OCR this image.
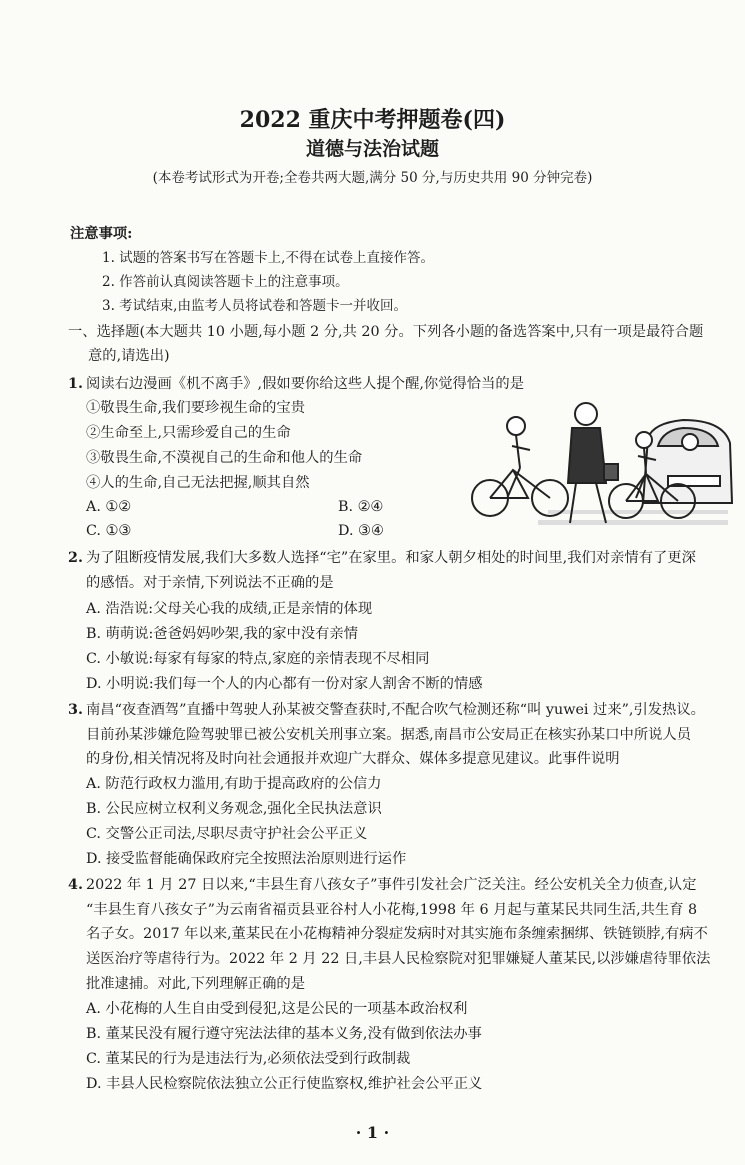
2022 重庆中考押题卷(四)
道德与法治试题
(本卷考试形式为开卷;全卷共两大题,满分 50 分,与历史共用 90 分钟完卷)
注意事项:
1. 试题的答案书写在答题卡上,不得在试卷上直接作答。
2. 作答前认真阅读答题卡上的注意事项。
3. 考试结束,由监考人员将试卷和答题卡一并收回。
一、选择题(本大题共 10 小题,每小题 2 分,共 20 分。下列各小题的备选答案中,只有一项是最符合题
意的,请选出)
1. 阅读右边漫画《机不离手》,假如要你给这些人提个醒,你觉得恰当的是
①敬畏生命,我们要珍视生命的宝贵
②生命至上,只需珍爱自己的生命
③敬畏生命,不漠视自己的生命和他人的生命
④人的生命,自己无法把握,顺其自然
A. ①②	B. ②④
C. ①③	D. ③④
2. 为了阻断疫情发展,我们大多数人选择“宅”在家里。和家人朝夕相处的时间里,我们对亲情有了更深
的感悟。对于亲情,下列说法不正确的是
A. 浩浩说:父母关心我的成绩,正是亲情的体现
B. 萌萌说:爸爸妈妈吵架,我的家中没有亲情
C. 小敏说:每家有每家的特点,家庭的亲情表现不尽相同
D. 小明说:我们每一个人的内心都有一份对家人割舍不断的情感
3. 南昌“夜查酒驾”直播中驾驶人孙某被交警查获时,不配合吹气检测还称“叫 yuwei 过来”,引发热议。
目前孙某涉嫌危险驾驶罪已被公安机关刑事立案。据悉,南昌市公安局正在核实孙某口中所说人员
的身份,相关情况将及时向社会通报并欢迎广大群众、媒体多提意见建议。此事件说明
A. 防范行政权力滥用,有助于提高政府的公信力
B. 公民应树立权利义务观念,强化全民执法意识
C. 交警公正司法,尽职尽责守护社会公平正义
D. 接受监督能确保政府完全按照法治原则进行运作
4. 2022 年 1 月 27 日以来,“丰县生育八孩女子”事件引发社会广泛关注。经公安机关全力侦查,认定
“丰县生育八孩女子”为云南省福贡县亚谷村人小花梅,1998 年 6 月起与董某民共同生活,共生育 8
名子女。2017 年以来,董某民在小花梅精神分裂症发病时对其实施布条缠索捆绑、铁链锁脖,有病不
送医治疗等虐待行为。2022 年 2 月 22 日,丰县人民检察院对犯罪嫌疑人董某民,以涉嫌虐待罪依法
批准逮捕。对此,下列理解正确的是
A. 小花梅的人生自由受到侵犯,这是公民的一项基本政治权利
B. 董某民没有履行遵守宪法法律的基本义务,没有做到依法办事
C. 董某民的行为是违法行为,必须依法受到行政制裁
D. 丰县人民检察院依法独立公正行使监察权,维护社会公平正义
· 1 ·
